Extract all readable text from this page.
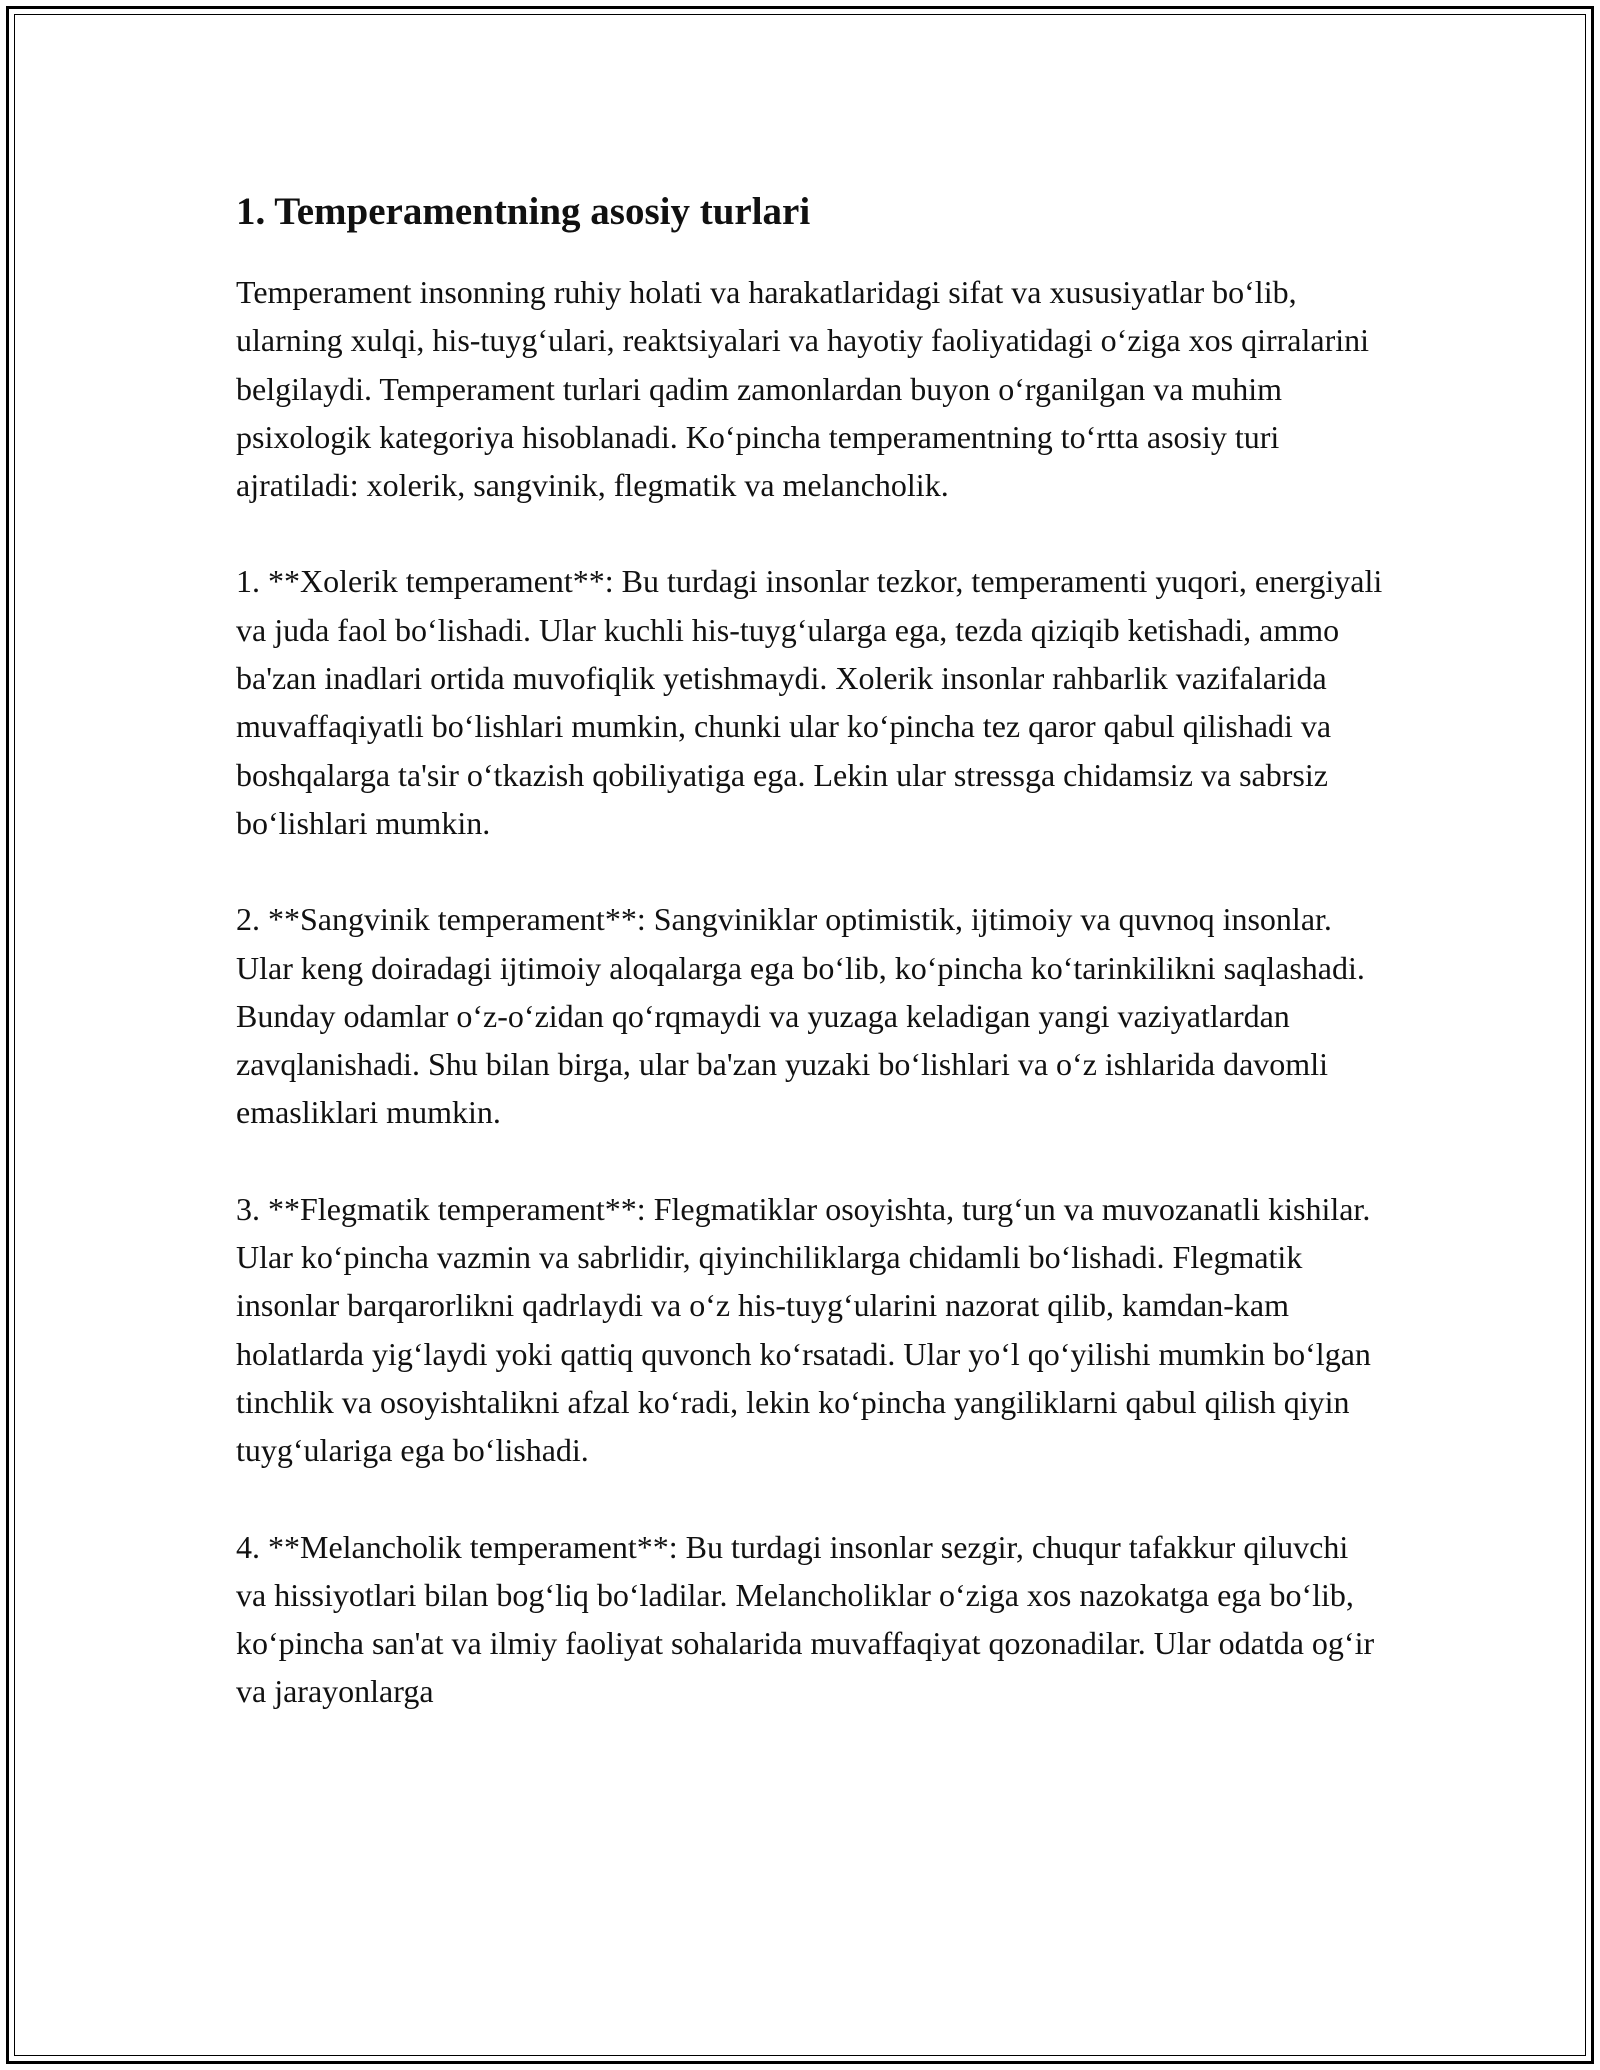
1. Temperamentning asosiy turlari

Temperament insonning ruhiy holati va harakatlaridagi sifat va xususiyatlar bo‘lib, ularning xulqi, his-tuyg‘ulari, reaktsiyalari va hayotiy faoliyatidagi o‘ziga xos qirralarini belgilaydi. Temperament turlari qadim zamonlardan buyon o‘rganilgan va muhim psixologik kategoriya hisoblanadi. Ko‘pincha temperamentning to‘rtta asosiy turi ajratiladi: xolerik, sangvinik, flegmatik va melancholik.

1. **Xolerik temperament**: Bu turdagi insonlar tezkor, temperamenti yuqori, energiyali va juda faol bo‘lishadi. Ular kuchli his-tuyg‘ularga ega, tezda qiziqib ketishadi, ammo ba'zan inadlari ortida muvofiqlik yetishmaydi. Xolerik insonlar rahbarlik vazifalarida muvaffaqiyatli bo‘lishlari mumkin, chunki ular ko‘pincha tez qaror qabul qilishadi va boshqalarga ta'sir o‘tkazish qobiliyatiga ega. Lekin ular stressga chidamsiz va sabrsiz bo‘lishlari mumkin.

2. **Sangvinik temperament**: Sangviniklar optimistik, ijtimoiy va quvnoq insonlar. Ular keng doiradagi ijtimoiy aloqalarga ega bo‘lib, ko‘pincha ko‘tarinkilikni saqlashadi. Bunday odamlar o‘z-o‘zidan qo‘rqmaydi va yuzaga keladigan yangi vaziyatlardan zavqlanishadi. Shu bilan birga, ular ba'zan yuzaki bo‘lishlari va o‘z ishlarida davomli emasliklari mumkin.

3. **Flegmatik temperament**: Flegmatiklar osoyishta, turg‘un va muvozanatli kishilar. Ular ko‘pincha vazmin va sabrlidir, qiyinchiliklarga chidamli bo‘lishadi. Flegmatik insonlar barqarorlikni qadrlaydi va o‘z his-tuyg‘ularini nazorat qilib, kamdan-kam holatlarda yig‘laydi yoki qattiq quvonch ko‘rsatadi. Ular yo‘l qo‘yilishi mumkin bo‘lgan tinchlik va osoyishtalikni afzal ko‘radi, lekin ko‘pincha yangiliklarni qabul qilish qiyin tuyg‘ulariga ega bo‘lishadi.

4. **Melancholik temperament**: Bu turdagi insonlar sezgir, chuqur tafakkur qiluvchi va hissiyotlari bilan bog‘liq bo‘ladilar. Melancholiklar o‘ziga xos nazokatga ega bo‘lib, ko‘pincha san'at va ilmiy faoliyat sohalarida muvaffaqiyat qozonadilar. Ular odatda og‘ir va jarayonlarga
